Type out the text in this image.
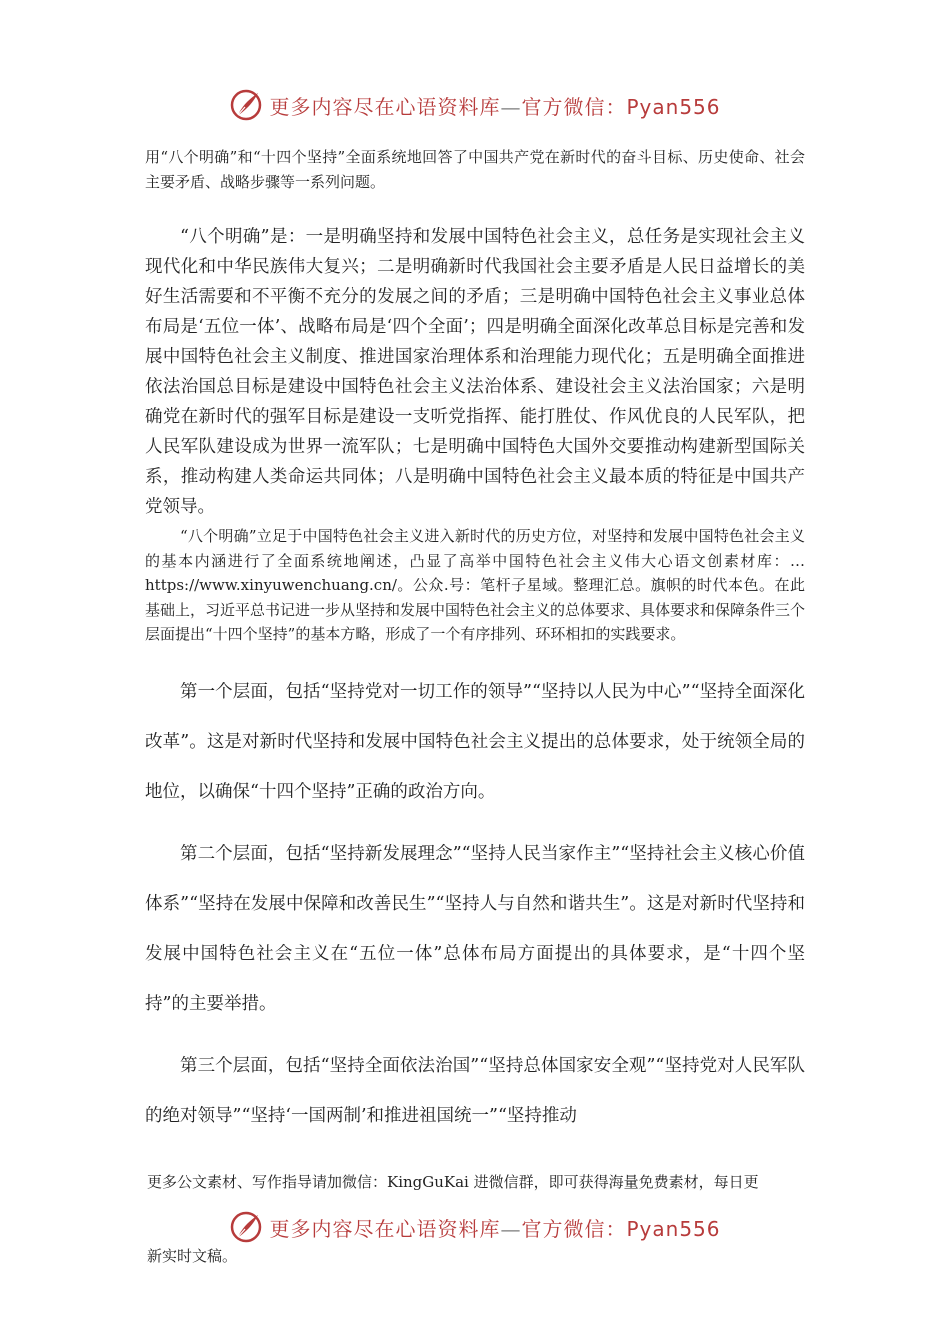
更多内容尽在心语资料库—官方微信：Pyan556

用“八个明确”和“十四个坚持”全面系统地回答了中国共产党在新时代的奋斗目标、历史使命、社会主要矛盾、战略步骤等一系列问题。

“八个明确”是：一是明确坚持和发展中国特色社会主义，总任务是实现社会主义现代化和中华民族伟大复兴；二是明确新时代我国社会主要矛盾是人民日益增长的美好生活需要和不平衡不充分的发展之间的矛盾；三是明确中国特色社会主义事业总体布局是‘五位一体’、战略布局是‘四个全面’；四是明确全面深化改革总目标是完善和发展中国特色社会主义制度、推进国家治理体系和治理能力现代化；五是明确全面推进依法治国总目标是建设中国特色社会主义法治体系、建设社会主义法治国家；六是明确党在新时代的强军目标是建设一支听党指挥、能打胜仗、作风优良的人民军队，把人民军队建设成为世界一流军队；七是明确中国特色大国外交要推动构建新型国际关系，推动构建人类命运共同体；八是明确中国特色社会主义最本质的特征是中国共产党领导。

“八个明确”立足于中国特色社会主义进入新时代的历史方位，对坚持和发展中国特色社会主义的基本内涵进行了全面系统地阐述，凸显了高举中国特色社会主义伟大心语文创素材库：…https://www.xinyuwenchuang.cn/。公众.号：笔杆子星域。整理汇总。旗帜的时代本色。在此基础上，习近平总书记进一步从坚持和发展中国特色社会主义的总体要求、具体要求和保障条件三个层面提出“十四个坚持”的基本方略，形成了一个有序排列、环环相扣的实践要求。

第一个层面，包括“坚持党对一切工作的领导”“坚持以人民为中心”“坚持全面深化改革”。这是对新时代坚持和发展中国特色社会主义提出的总体要求，处于统领全局的地位，以确保“十四个坚持”正确的政治方向。

第二个层面，包括“坚持新发展理念”“坚持人民当家作主”“坚持社会主义核心价值体系”“坚持在发展中保障和改善民生”“坚持人与自然和谐共生”。这是对新时代坚持和发展中国特色社会主义在“五位一体”总体布局方面提出的具体要求，是“十四个坚持”的主要举措。

第三个层面，包括“坚持全面依法治国”“坚持总体国家安全观”“坚持党对人民军队的绝对领导”“坚持‘一国两制’和推进祖国统一”“坚持推动

更多公文素材、写作指导请加微信：KingGuKai 进微信群，即可获得海量免费素材，每日更
更多内容尽在心语资料库—官方微信：Pyan556
新实时文稿。
